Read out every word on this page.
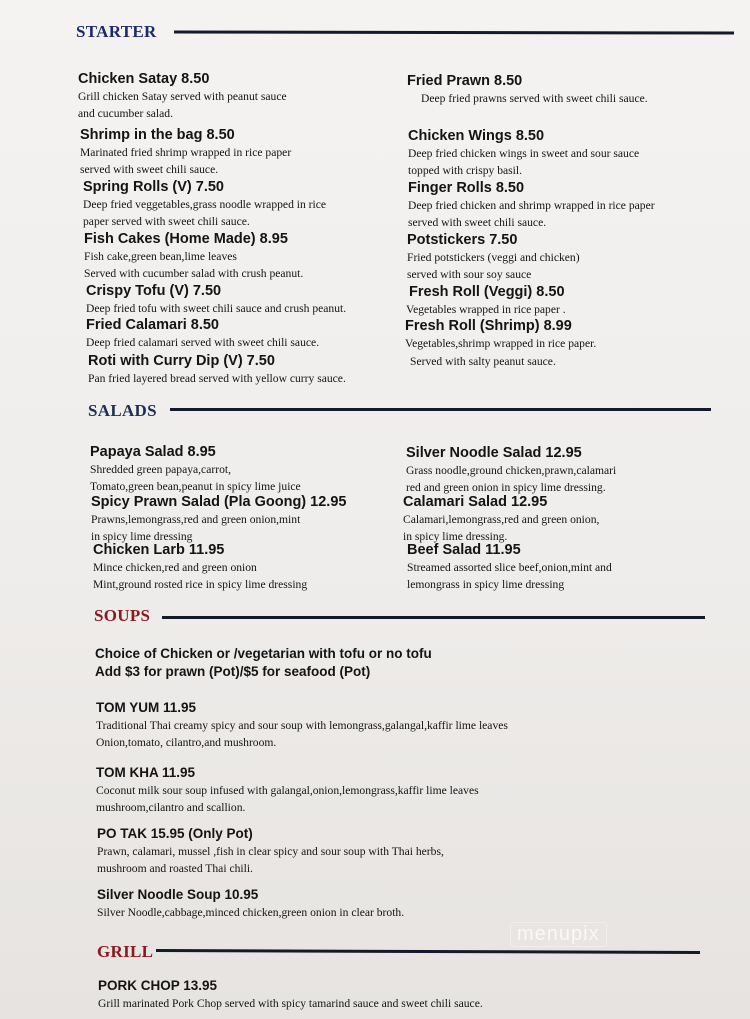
STARTER
Chicken Satay 8.50
Grill chicken Satay served with peanut sauce
and cucumber salad.
Shrimp in the bag 8.50
Marinated fried shrimp wrapped in rice paper
served with sweet chili sauce.
Spring Rolls (V) 7.50
Deep fried veggetables,grass noodle wrapped in rice
paper served with sweet chili sauce.
Fish Cakes (Home Made) 8.95
Fish cake,green bean,lime leaves
Served with cucumber salad with crush peanut.
Crispy Tofu (V) 7.50
Deep fried tofu with sweet chili sauce and crush peanut.
Fried Calamari 8.50
Deep fried calamari served with sweet chili sauce.
Roti with Curry Dip (V) 7.50
Pan fried layered bread served with yellow curry sauce.
Fried Prawn 8.50
Deep fried prawns served with sweet chili sauce.
Chicken Wings 8.50
Deep fried chicken wings in sweet and sour sauce
topped with crispy basil.
Finger Rolls 8.50
Deep fried chicken and shrimp wrapped in rice paper
served with sweet chili sauce.
Potstickers 7.50
Fried potstickers (veggi and chicken)
served with sour soy sauce
Fresh Roll (Veggi) 8.50
Vegetables wrapped in rice paper .
Fresh Roll (Shrimp) 8.99
Vegetables,shrimp wrapped in rice paper.
Served with salty peanut sauce.
SALADS
Papaya Salad 8.95
Shredded green papaya,carrot,
Tomato,green bean,peanut in spicy lime juice
Spicy Prawn Salad (Pla Goong) 12.95
Prawns,lemongrass,red and green onion,mint
in spicy lime dressing
Chicken Larb 11.95
Mince chicken,red and green onion
Mint,ground rosted rice in spicy lime dressing
Silver Noodle Salad 12.95
Grass noodle,ground chicken,prawn,calamari
red and green onion in spicy lime dressing.
Calamari Salad 12.95
Calamari,lemongrass,red and green onion,
in spicy lime dressing.
Beef Salad 11.95
Streamed assorted slice beef,onion,mint and
lemongrass in spicy lime dressing
SOUPS
Choice of Chicken or /vegetarian with tofu or no tofu
Add $3 for prawn (Pot)/$5 for seafood (Pot)
TOM YUM 11.95
Traditional Thai creamy spicy and sour soup with lemongrass,galangal,kaffir lime leaves
Onion,tomato, cilantro,and mushroom.
TOM KHA 11.95
Coconut milk sour soup infused with galangal,onion,lemongrass,kaffir lime leaves
mushroom,cilantro and scallion.
PO TAK 15.95 (Only Pot)
Prawn, calamari, mussel ,fish in clear spicy and sour soup with Thai herbs,
mushroom and roasted Thai chili.
Silver Noodle Soup 10.95
Silver Noodle,cabbage,minced chicken,green onion in clear broth.
GRILL
PORK CHOP 13.95
Grill marinated Pork Chop served with spicy tamarind sauce and sweet chili sauce.
menupix
